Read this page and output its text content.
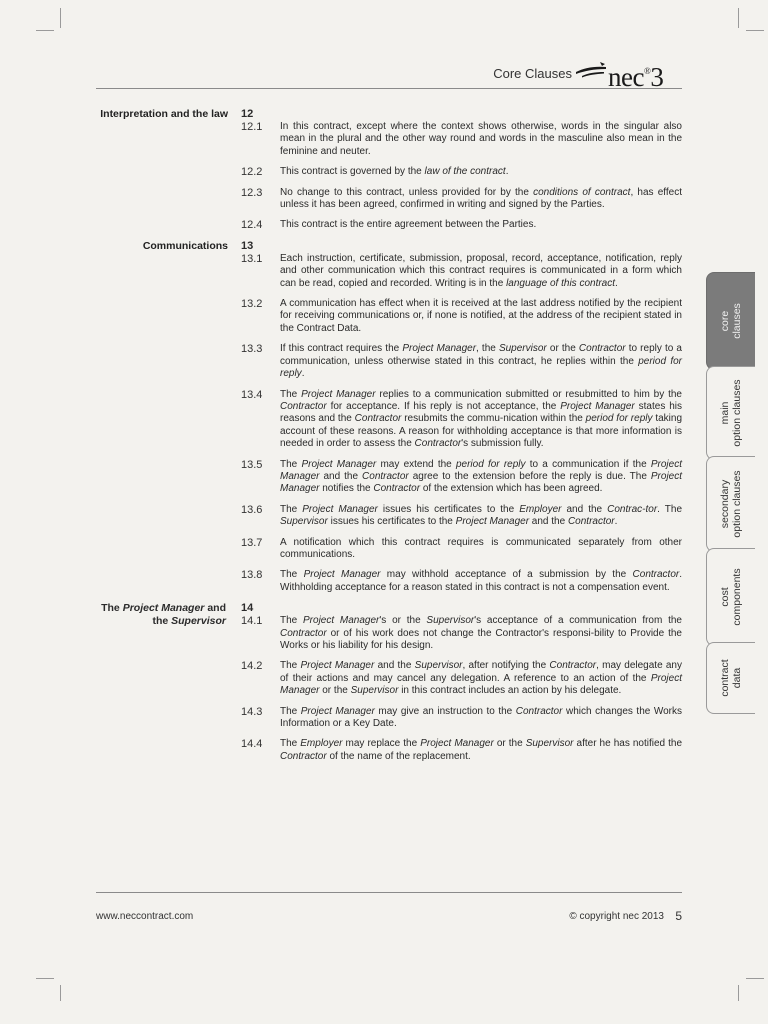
Core Clauses nec®3
Interpretation and the law 12
12.1 In this contract, except where the context shows otherwise, words in the singular also mean in the plural and the other way round and words in the masculine also mean in the feminine and neuter.
12.2 This contract is governed by the law of the contract.
12.3 No change to this contract, unless provided for by the conditions of contract, has effect unless it has been agreed, confirmed in writing and signed by the Parties.
12.4 This contract is the entire agreement between the Parties.
Communications 13
13.1 Each instruction, certificate, submission, proposal, record, acceptance, notification, reply and other communication which this contract requires is communicated in a form which can be read, copied and recorded. Writing is in the language of this contract.
13.2 A communication has effect when it is received at the last address notified by the recipient for receiving communications or, if none is notified, at the address of the recipient stated in the Contract Data.
13.3 If this contract requires the Project Manager, the Supervisor or the Contractor to reply to a communication, unless otherwise stated in this contract, he replies within the period for reply.
13.4 The Project Manager replies to a communication submitted or resubmitted to him by the Contractor for acceptance. If his reply is not acceptance, the Project Manager states his reasons and the Contractor resubmits the commu-nication within the period for reply taking account of these reasons. A reason for withholding acceptance is that more information is needed in order to assess the Contractor's submission fully.
13.5 The Project Manager may extend the period for reply to a communication if the Project Manager and the Contractor agree to the extension before the reply is due. The Project Manager notifies the Contractor of the extension which has been agreed.
13.6 The Project Manager issues his certificates to the Employer and the Contrac-tor. The Supervisor issues his certificates to the Project Manager and the Contractor.
13.7 A notification which this contract requires is communicated separately from other communications.
13.8 The Project Manager may withhold acceptance of a submission by the Contractor. Withholding acceptance for a reason stated in this contract is not a compensation event.
The Project Manager and
the Supervisor
14
14.1 The Project Manager's or the Supervisor's acceptance of a communication from the Contractor or of his work does not change the Contractor's responsi-bility to Provide the Works or his liability for his design.
14.2 The Project Manager and the Supervisor, after notifying the Contractor, may delegate any of their actions and may cancel any delegation. A reference to an action of the Project Manager or the Supervisor in this contract includes an action by his delegate.
14.3 The Project Manager may give an instruction to the Contractor which changes the Works Information or a Key Date.
14.4 The Employer may replace the Project Manager or the Supervisor after he has notified the Contractor of the name of the replacement.
core clauses
main option clauses
secondary option clauses
cost components
contract data
www.neccontract.com	© copyright nec 2013 5
